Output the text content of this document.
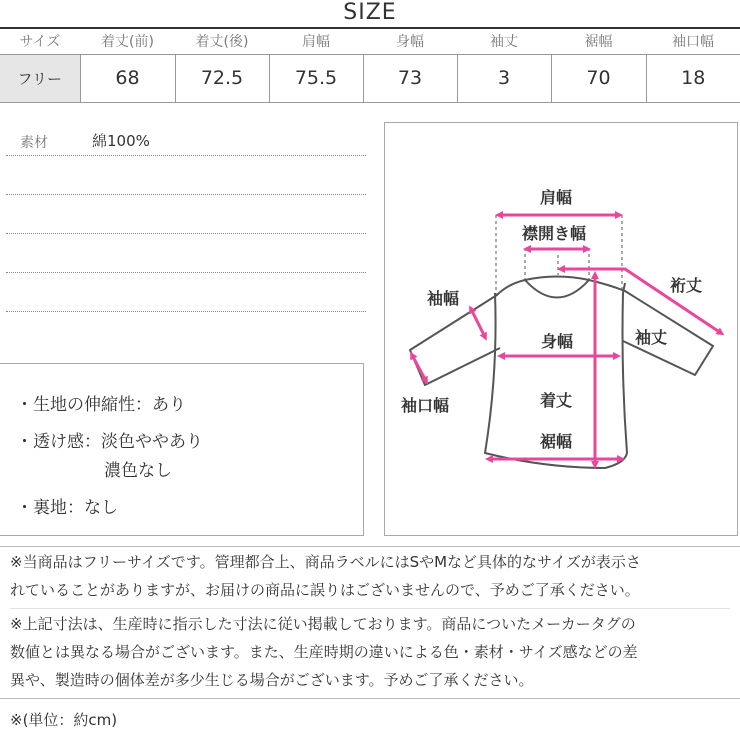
SIZE
サイズ	着丈(前)	着丈(後)	肩幅	身幅	袖丈	裾幅	袖口幅
フリー	68	72.5	75.5	73	3	70	18
素材	綿100%
・生地の伸縮性：あり
・透け感：淡色ややあり
濃色なし
・裏地：なし
肩幅
襟開き幅
裄丈
袖幅
袖丈
身幅
着丈
裾幅
袖口幅
※当商品はフリーサイズです。管理都合上、商品ラベルにはSやMなど具体的なサイズが表示さ
れていることがありますが、お届けの商品に誤りはございませんので、予めご了承ください。
※上記寸法は、生産時に指示した寸法に従い掲載しております。商品についたメーカータグの
数値とは異なる場合がございます。また、生産時期の違いによる色・素材・サイズ感などの差
異や、製造時の個体差が多少生じる場合がございます。予めご了承ください。
※(単位：約cm)
